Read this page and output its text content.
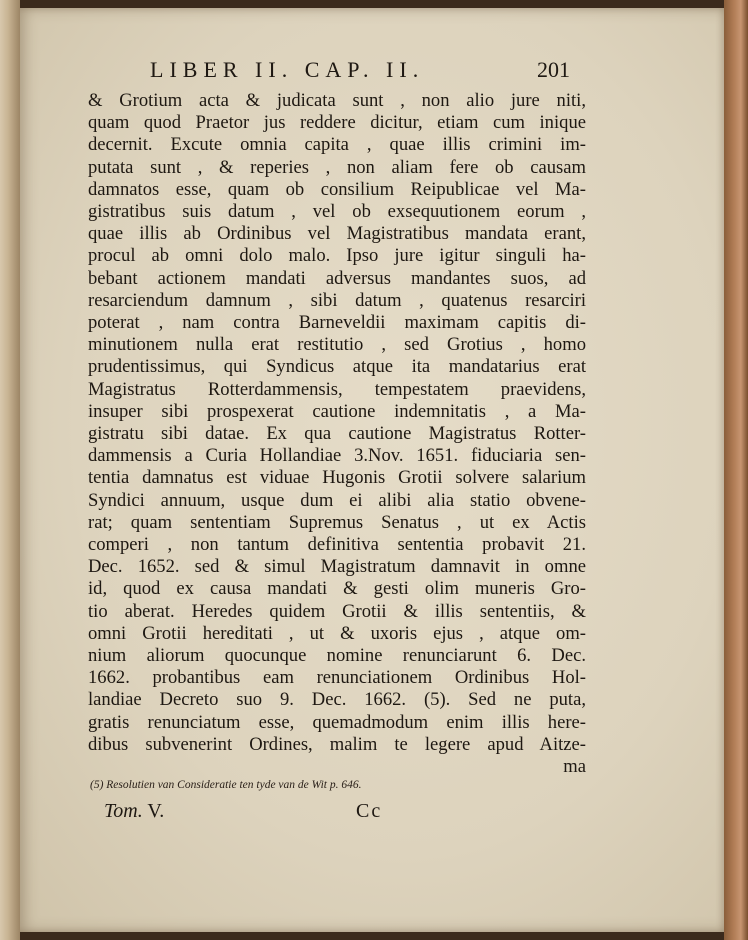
LIBER II. CAP. II.	201
& Grotium acta & judicata sunt , non alio jure niti,
quam quod Praetor jus reddere dicitur, etiam cum inique
decernit. Excute omnia capita , quae illis crimini im-
putata sunt , & reperies , non aliam fere ob causam
damnatos esse, quam ob consilium Reipublicae vel Ma-
gistratibus suis datum , vel ob exsequutionem eorum ,
quae illis ab Ordinibus vel Magistratibus mandata erant,
procul ab omni dolo malo. Ipso jure igitur singuli ha-
bebant actionem mandati adversus mandantes suos, ad
resarciendum damnum , sibi datum , quatenus resarciri
poterat , nam contra Barneveldii maximam capitis di-
minutionem nulla erat restitutio , sed Grotius , homo
prudentissimus, qui Syndicus atque ita mandatarius erat
Magistratus Rotterdammensis, tempestatem praevidens,
insuper sibi prospexerat cautione indemnitatis , a Ma-
gistratu sibi datae. Ex qua cautione Magistratus Rotter-
dammensis a Curia Hollandiae 3.Nov. 1651. fiduciaria sen-
tentia damnatus est viduae Hugonis Grotii solvere salarium
Syndici annuum, usque dum ei alibi alia statio obvene-
rat; quam sententiam Supremus Senatus , ut ex Actis
comperi , non tantum definitiva sententia probavit 21.
Dec. 1652. sed & simul Magistratum damnavit in omne
id, quod ex causa mandati & gesti olim muneris Gro-
tio aberat. Heredes quidem Grotii & illis sententiis, &
omni Grotii hereditati , ut & uxoris ejus , atque om-
nium aliorum quocunque nomine renunciarunt 6. Dec.
1662. probantibus eam renunciationem Ordinibus Hol-
landiae Decreto suo 9. Dec. 1662. (5). Sed ne puta,
gratis renunciatum esse, quemadmodum enim illis here-
dibus subvenerint Ordines, malim te legere apud Aitze-
ma
(5) Resolutien van Consideratie ten tyde van de Wit p. 646.
Tom. V.	Cc
